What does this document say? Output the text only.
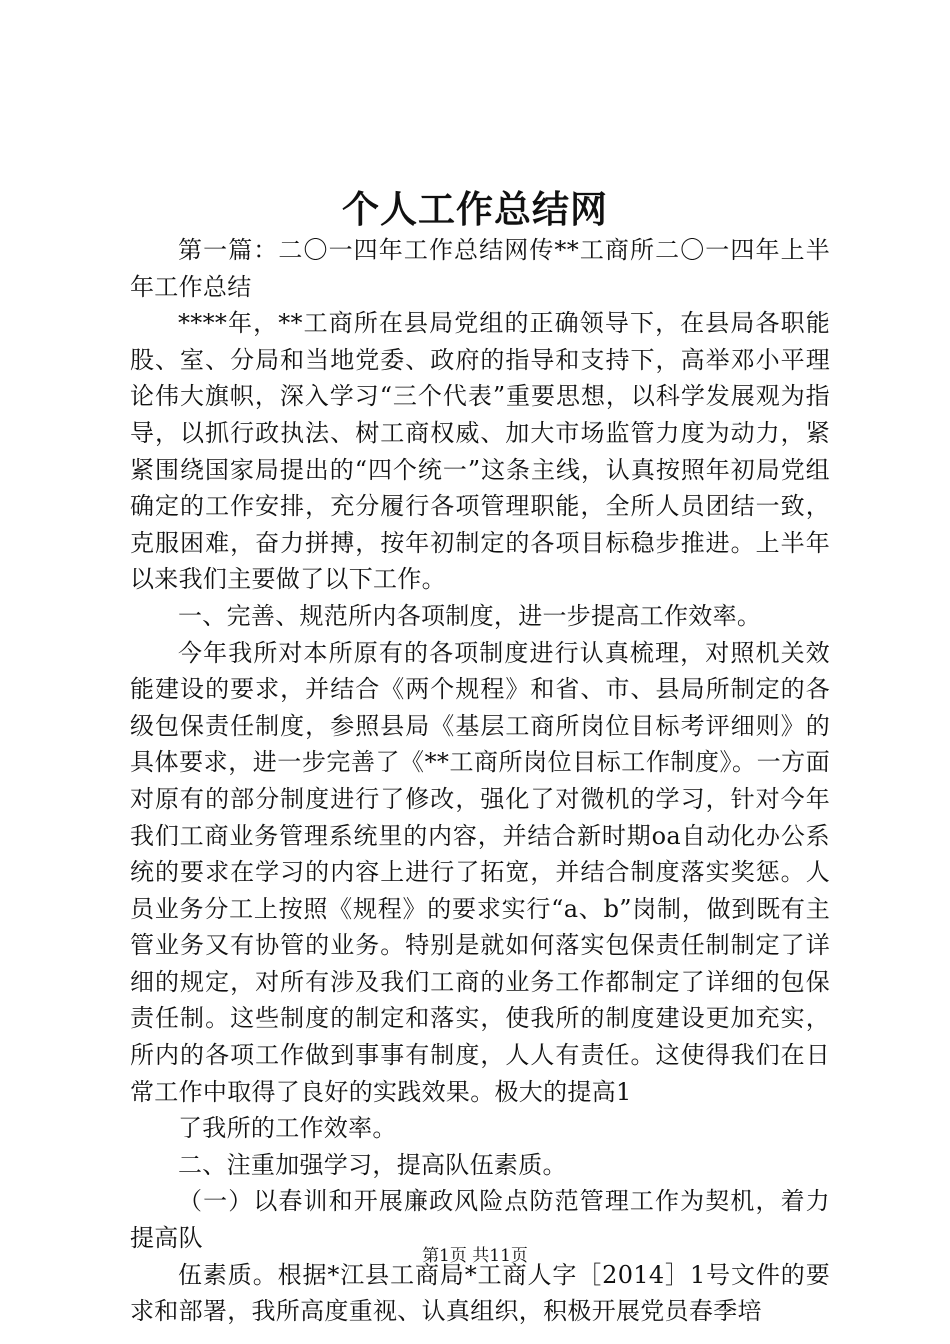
个人工作总结网

第一篇：二〇一四年工作总结网传**工商所二〇一四年上半年工作总结

****年，**工商所在县局党组的正确领导下，在县局各职能股、室、分局和当地党委、政府的指导和支持下，高举邓小平理论伟大旗帜，深入学习“三个代表”重要思想，以科学发展观为指导，以抓行政执法、树工商权威、加大市场监管力度为动力，紧紧围绕国家局提出的“四个统一”这条主线，认真按照年初局党组确定的工作安排，充分履行各项管理职能，全所人员团结一致，克服困难，奋力拼搏，按年初制定的各项目标稳步推进。上半年以来我们主要做了以下工作。

一、完善、规范所内各项制度，进一步提高工作效率。

今年我所对本所原有的各项制度进行认真梳理，对照机关效能建设的要求，并结合《两个规程》和省、市、县局所制定的各级包保责任制度，参照县局《基层工商所岗位目标考评细则》的具体要求，进一步完善了《**工商所岗位目标工作制度》。一方面对原有的部分制度进行了修改，强化了对微机的学习，针对今年我们工商业务管理系统里的内容，并结合新时期oa自动化办公系统的要求在学习的内容上进行了拓宽，并结合制度落实奖惩。人员业务分工上按照《规程》的要求实行“a、b”岗制，做到既有主管业务又有协管的业务。特别是就如何落实包保责任制制定了详细的规定，对所有涉及我们工商的业务工作都制定了详细的包保责任制。这些制度的制定和落实，使我所的制度建设更加充实，所内的各项工作做到事事有制度，人人有责任。这使得我们在日常工作中取得了良好的实践效果。极大的提高1

了我所的工作效率。

二、注重加强学习，提高队伍素质。

（一）以春训和开展廉政风险点防范管理工作为契机，着力提高队

伍素质。根据*江县工商局*工商人字［2014］1号文件的要求和部署，我所高度重视、认真组织，积极开展党员春季培

第1页 共11页
